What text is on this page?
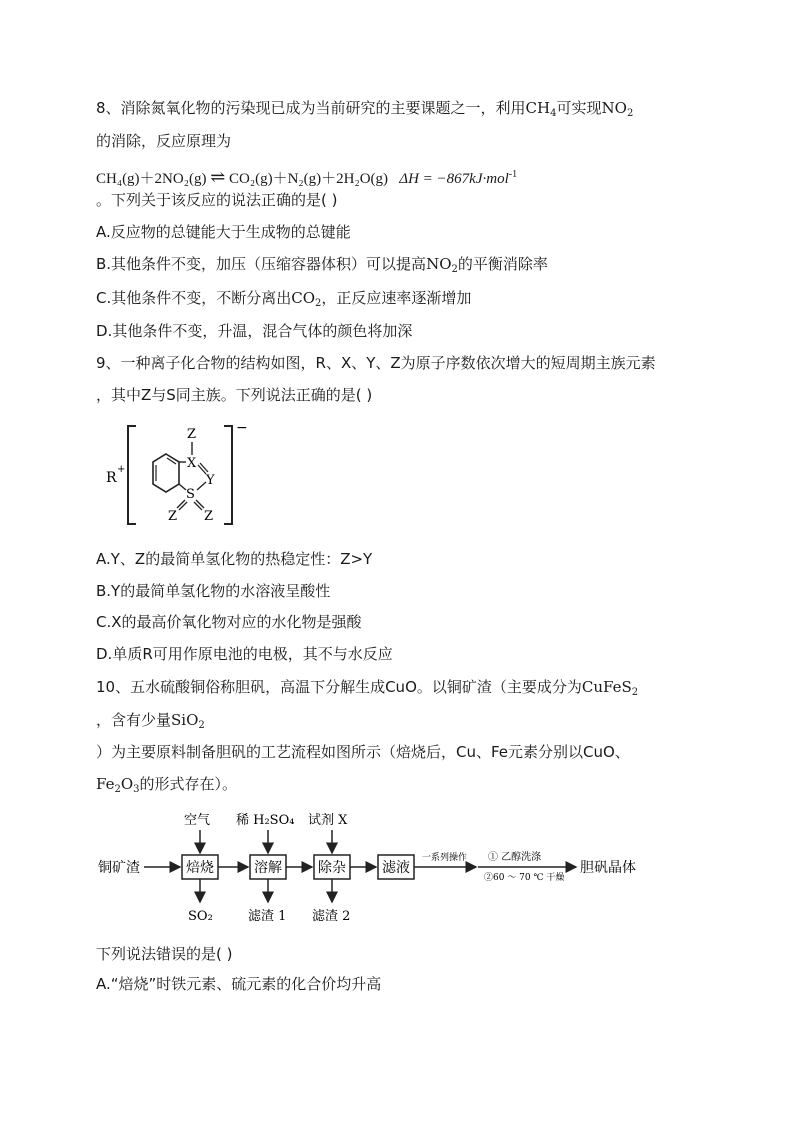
8、消除氮氧化物的污染现已成为当前研究的主要课题之一，利用$CH_4$可实现$NO_2$
的消除，反应原理为
CH₄(g)＋2NO₂(g) ⇌ CO₂(g)＋N₂(g)＋2H₂O(g) ΔH = −867kJ·mol$^{-1}$
。下列关于该反应的说法正确的是( )
A.反应物的总键能大于生成物的总键能
B.其他条件不变，加压（压缩容器体积）可以提高$NO_2$的平衡消除率
C.其他条件不变，不断分离出$CO_2$，正反应速率逐渐增加
D.其他条件不变，升温，混合气体的颜色将加深
9、一种离子化合物的结构如图，R、X、Y、Z为原子序数依次增大的短周期主族元素
，其中Z与S同主族。下列说法正确的是( )
R
+
−
X
Z
Y
S
Z Z
A.Y、Z的最简单氢化物的热稳定性：Z>Y
B.Y的最简单氢化物的水溶液呈酸性
C.X的最高价氧化物对应的水化物是强酸
D.单质R可用作原电池的电极，其不与水反应
10、五水硫酸铜俗称胆矾，高温下分解生成CuO。以铜矿渣（主要成分为CuFeS$_2$
，含有少量SiO$_2$
）为主要原料制备胆矾的工艺流程如图所示（焙烧后，Cu、Fe元素分别以CuO、
$Fe_2O_3$的形式存在）。
铜矿渣	焙烧
空气
SO₂
溶解
稀 H₂SO₄
滤渣 1
除杂
试剂 X
滤渣 2
滤液
一系列操作 ① 乙醇洗涤
②60 ～ 70 ℃ 干燥
胆矾晶体
下列说法错误的是( )
A.“焙烧”时铁元素、硫元素的化合价均升高
